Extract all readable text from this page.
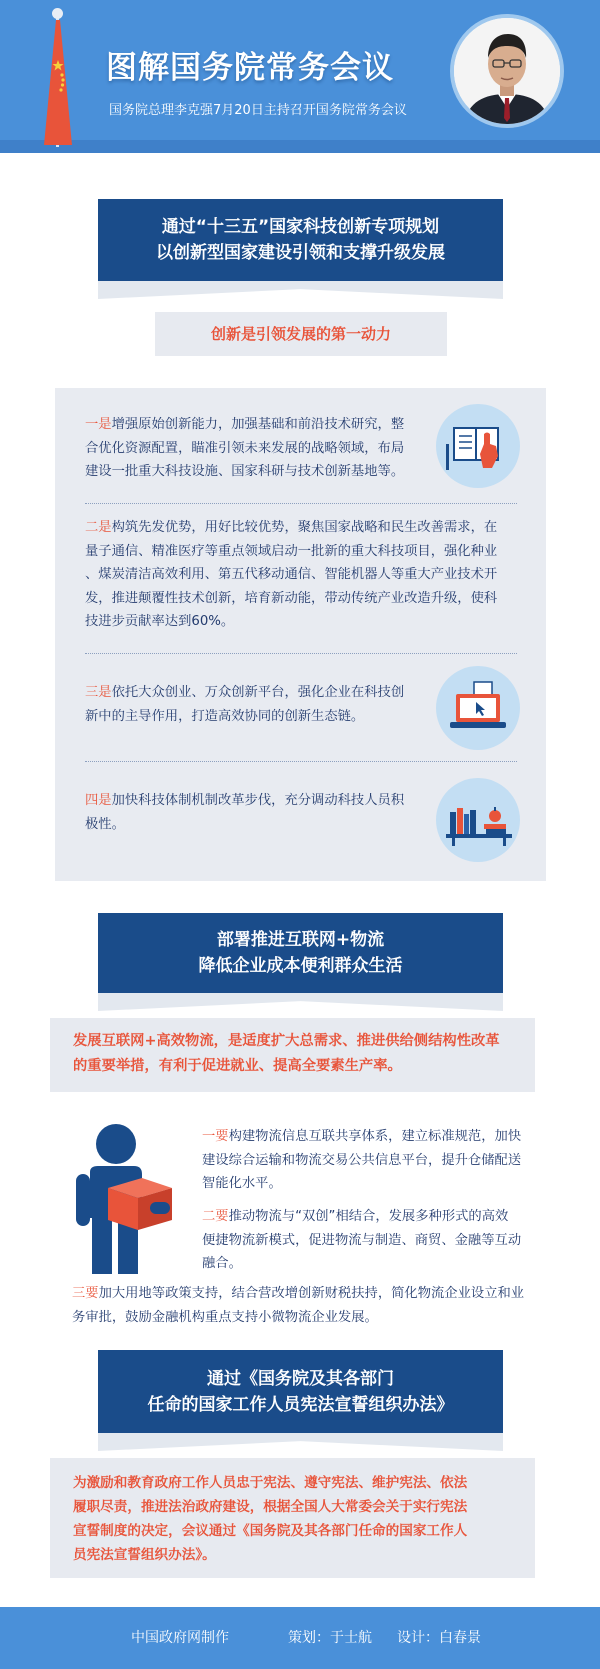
图解国务院常务会议
国务院总理李克强7月20日主持召开国务院常务会议
通过“十三五”国家科技创新专项规划
以创新型国家建设引领和支撑升级发展
创新是引领发展的第一动力
一是增强原始创新能力，加强基础和前沿技术研究，整
合优化资源配置，瞄准引领未来发展的战略领域，布局
建设一批重大科技设施、国家科研与技术创新基地等。
二是构筑先发优势，用好比较优势，聚焦国家战略和民生改善需求，在
量子通信、精准医疗等重点领域启动一批新的重大科技项目，强化种业
、煤炭清洁高效利用、第五代移动通信、智能机器人等重大产业技术开
发，推进颠覆性技术创新，培育新动能，带动传统产业改造升级，使科
技进步贡献率达到60%。
三是依托大众创业、万众创新平台，强化企业在科技创
新中的主导作用，打造高效协同的创新生态链。
四是加快科技体制机制改革步伐，充分调动科技人员积
极性。
部署推进互联网+物流
降低企业成本便利群众生活
发展互联网+高效物流，是适度扩大总需求、推进供给侧结构性改革
的重要举措，有利于促进就业、提高全要素生产率。
一要构建物流信息互联共享体系，建立标准规范，加快
建设综合运输和物流交易公共信息平台，提升仓储配送
智能化水平。
二要推动物流与“双创”相结合，发展多种形式的高效
便捷物流新模式，促进物流与制造、商贸、金融等互动
融合。
三要加大用地等政策支持，结合营改增创新财税扶持，简化物流企业设立和业
务审批，鼓励金融机构重点支持小微物流企业发展。
通过《国务院及其各部门
任命的国家工作人员宪法宣誓组织办法》
为激励和教育政府工作人员忠于宪法、遵守宪法、维护宪法、依法
履职尽责，推进法治政府建设，根据全国人大常委会关于实行宪法
宣誓制度的决定，会议通过《国务院及其各部门任命的国家工作人
员宪法宣誓组织办法》。
中国政府网制作	策划：于士航 设计：白春景
